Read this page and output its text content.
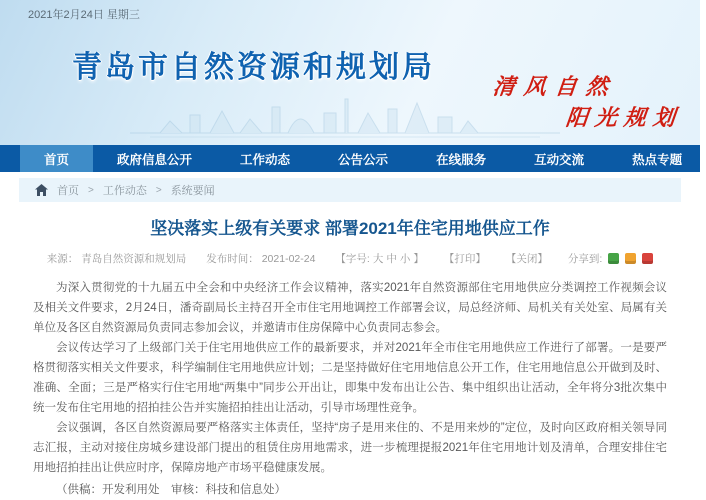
2021年2月24日 星期三
青岛市自然资源和规划局
清风自然
阳光规划
首页	政府信息公开	工作动态	公告公示	在线服务	互动交流	热点专题
首页 > 工作动态 > 系统要闻
坚决落实上级有关要求 部署2021年住宅用地供应工作
来源： 青岛自然资源和规划局 发布时间： 2021-02-24 【字号: 大 中 小 】 【打印】 【关闭】 分享到:

为深入贯彻党的十九届五中全会和中央经济工作会议精神，落实2021年自然资源部住宅用地供应分类调控工作视频会议及相关文件要求，2月24日，潘奇副局长主持召开全市住宅用地调控工作部署会议，局总经济师、局机关有关处室、局属有关单位及各区自然资源局负责同志参加会议，并邀请市住房保障中心负责同志参会。

会议传达学习了上级部门关于住宅用地供应工作的最新要求，并对2021年全市住宅用地供应工作进行了部署。一是要严格贯彻落实相关文件要求，科学编制住宅用地供应计划；二是坚持做好住宅用地信息公开工作，住宅用地信息公开做到及时、准确、全面；三是严格实行住宅用地“两集中”同步公开出让，即集中发布出让公告、集中组织出让活动，全年将分3批次集中统一发布住宅用地的招拍挂公告并实施招拍挂出让活动，引导市场理性竞争。

会议强调，各区自然资源局要严格落实主体责任，坚持“房子是用来住的、不是用来炒的”定位，及时向区政府相关领导同志汇报，主动对接住房城乡建设部门提出的租赁住房用地需求，进一步梳理提报2021年住宅用地计划及清单，合理安排住宅用地招拍挂出让供应时序，保障房地产市场平稳健康发展。

（供稿：开发利用处　审核：科技和信息处）
